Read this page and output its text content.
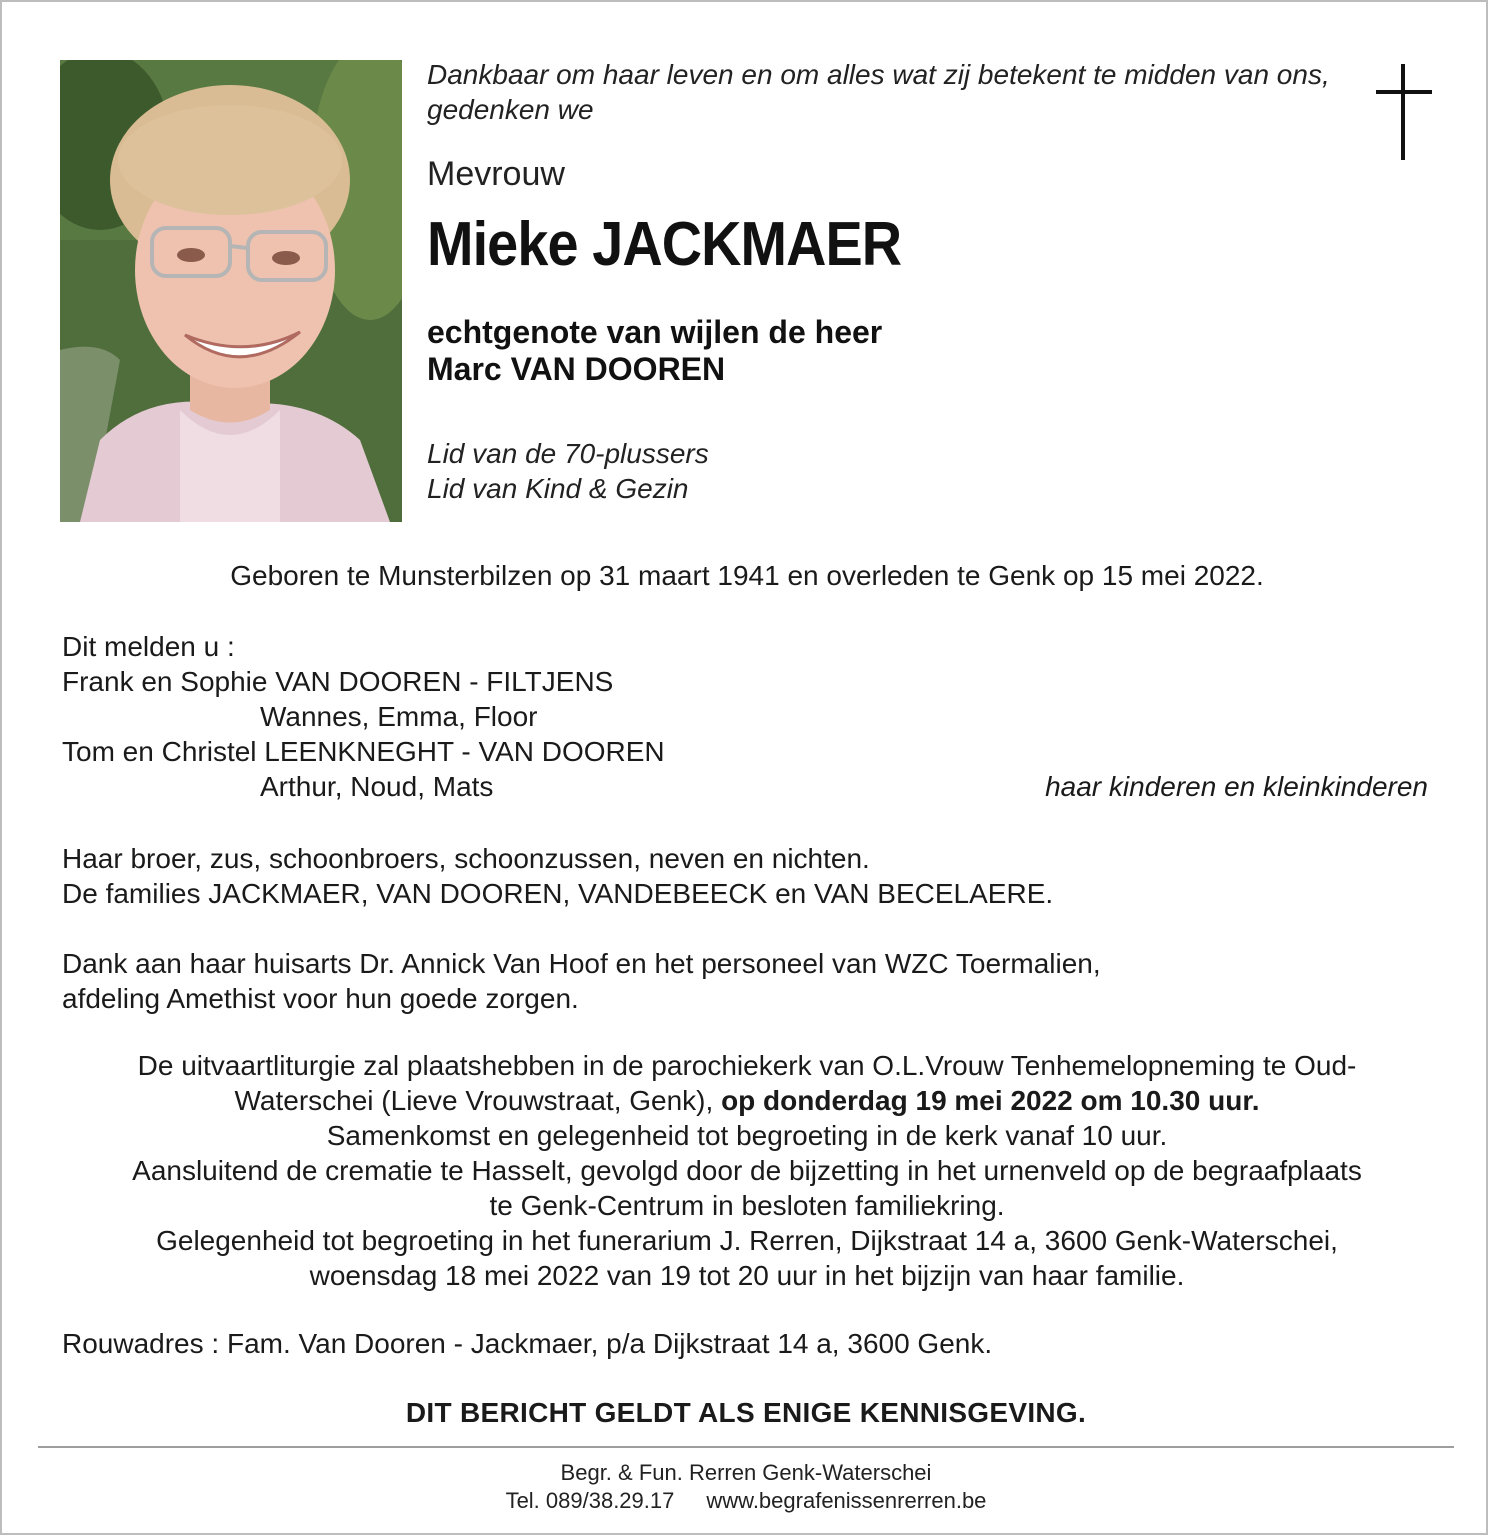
Dankbaar om haar leven en om alles wat zij betekent te midden van ons, gedenken we

Mevrouw

Mieke JACKMAER

echtgenote van wijlen de heer
Marc VAN DOOREN
Lid van de 70-plussers
Lid van Kind & Gezin
Geboren te Munsterbilzen op 31 maart 1941 en overleden te Genk op 15 mei 2022.
Dit melden u :
Frank en Sophie VAN DOOREN - FILTJENS
Wannes, Emma, Floor
Tom en Christel LEENKNEGHT - VAN DOOREN
Arthur, Noud, Mats	haar kinderen en kleinkinderen
Haar broer, zus, schoonbroers, schoonzussen, neven en nichten.
De families JACKMAER, VAN DOOREN, VANDEBEECK en VAN BECELAERE.
Dank aan haar huisarts Dr. Annick Van Hoof en het personeel van WZC Toermalien,
afdeling Amethist voor hun goede zorgen.
De uitvaartliturgie zal plaatshebben in de parochiekerk van O.L.Vrouw Tenhemelopneming te Oud-
Waterschei (Lieve Vrouwstraat, Genk), op donderdag 19 mei 2022 om 10.30 uur.
Samenkomst en gelegenheid tot begroeting in de kerk vanaf 10 uur.
Aansluitend de crematie te Hasselt, gevolgd door de bijzetting in het urnenveld op de begraafplaats
te Genk-Centrum in besloten familiekring.
Gelegenheid tot begroeting in het funerarium J. Rerren, Dijkstraat 14 a, 3600 Genk-Waterschei,
woensdag 18 mei 2022 van 19 tot 20 uur in het bijzijn van haar familie.
Rouwadres : Fam. Van Dooren - Jackmaer, p/a Dijkstraat 14 a, 3600 Genk.
DIT BERICHT GELDT ALS ENIGE KENNISGEVING.
Begr. & Fun. Rerren Genk-Waterschei
Tel. 089/38.29.17 www.begrafenissenrerren.be
